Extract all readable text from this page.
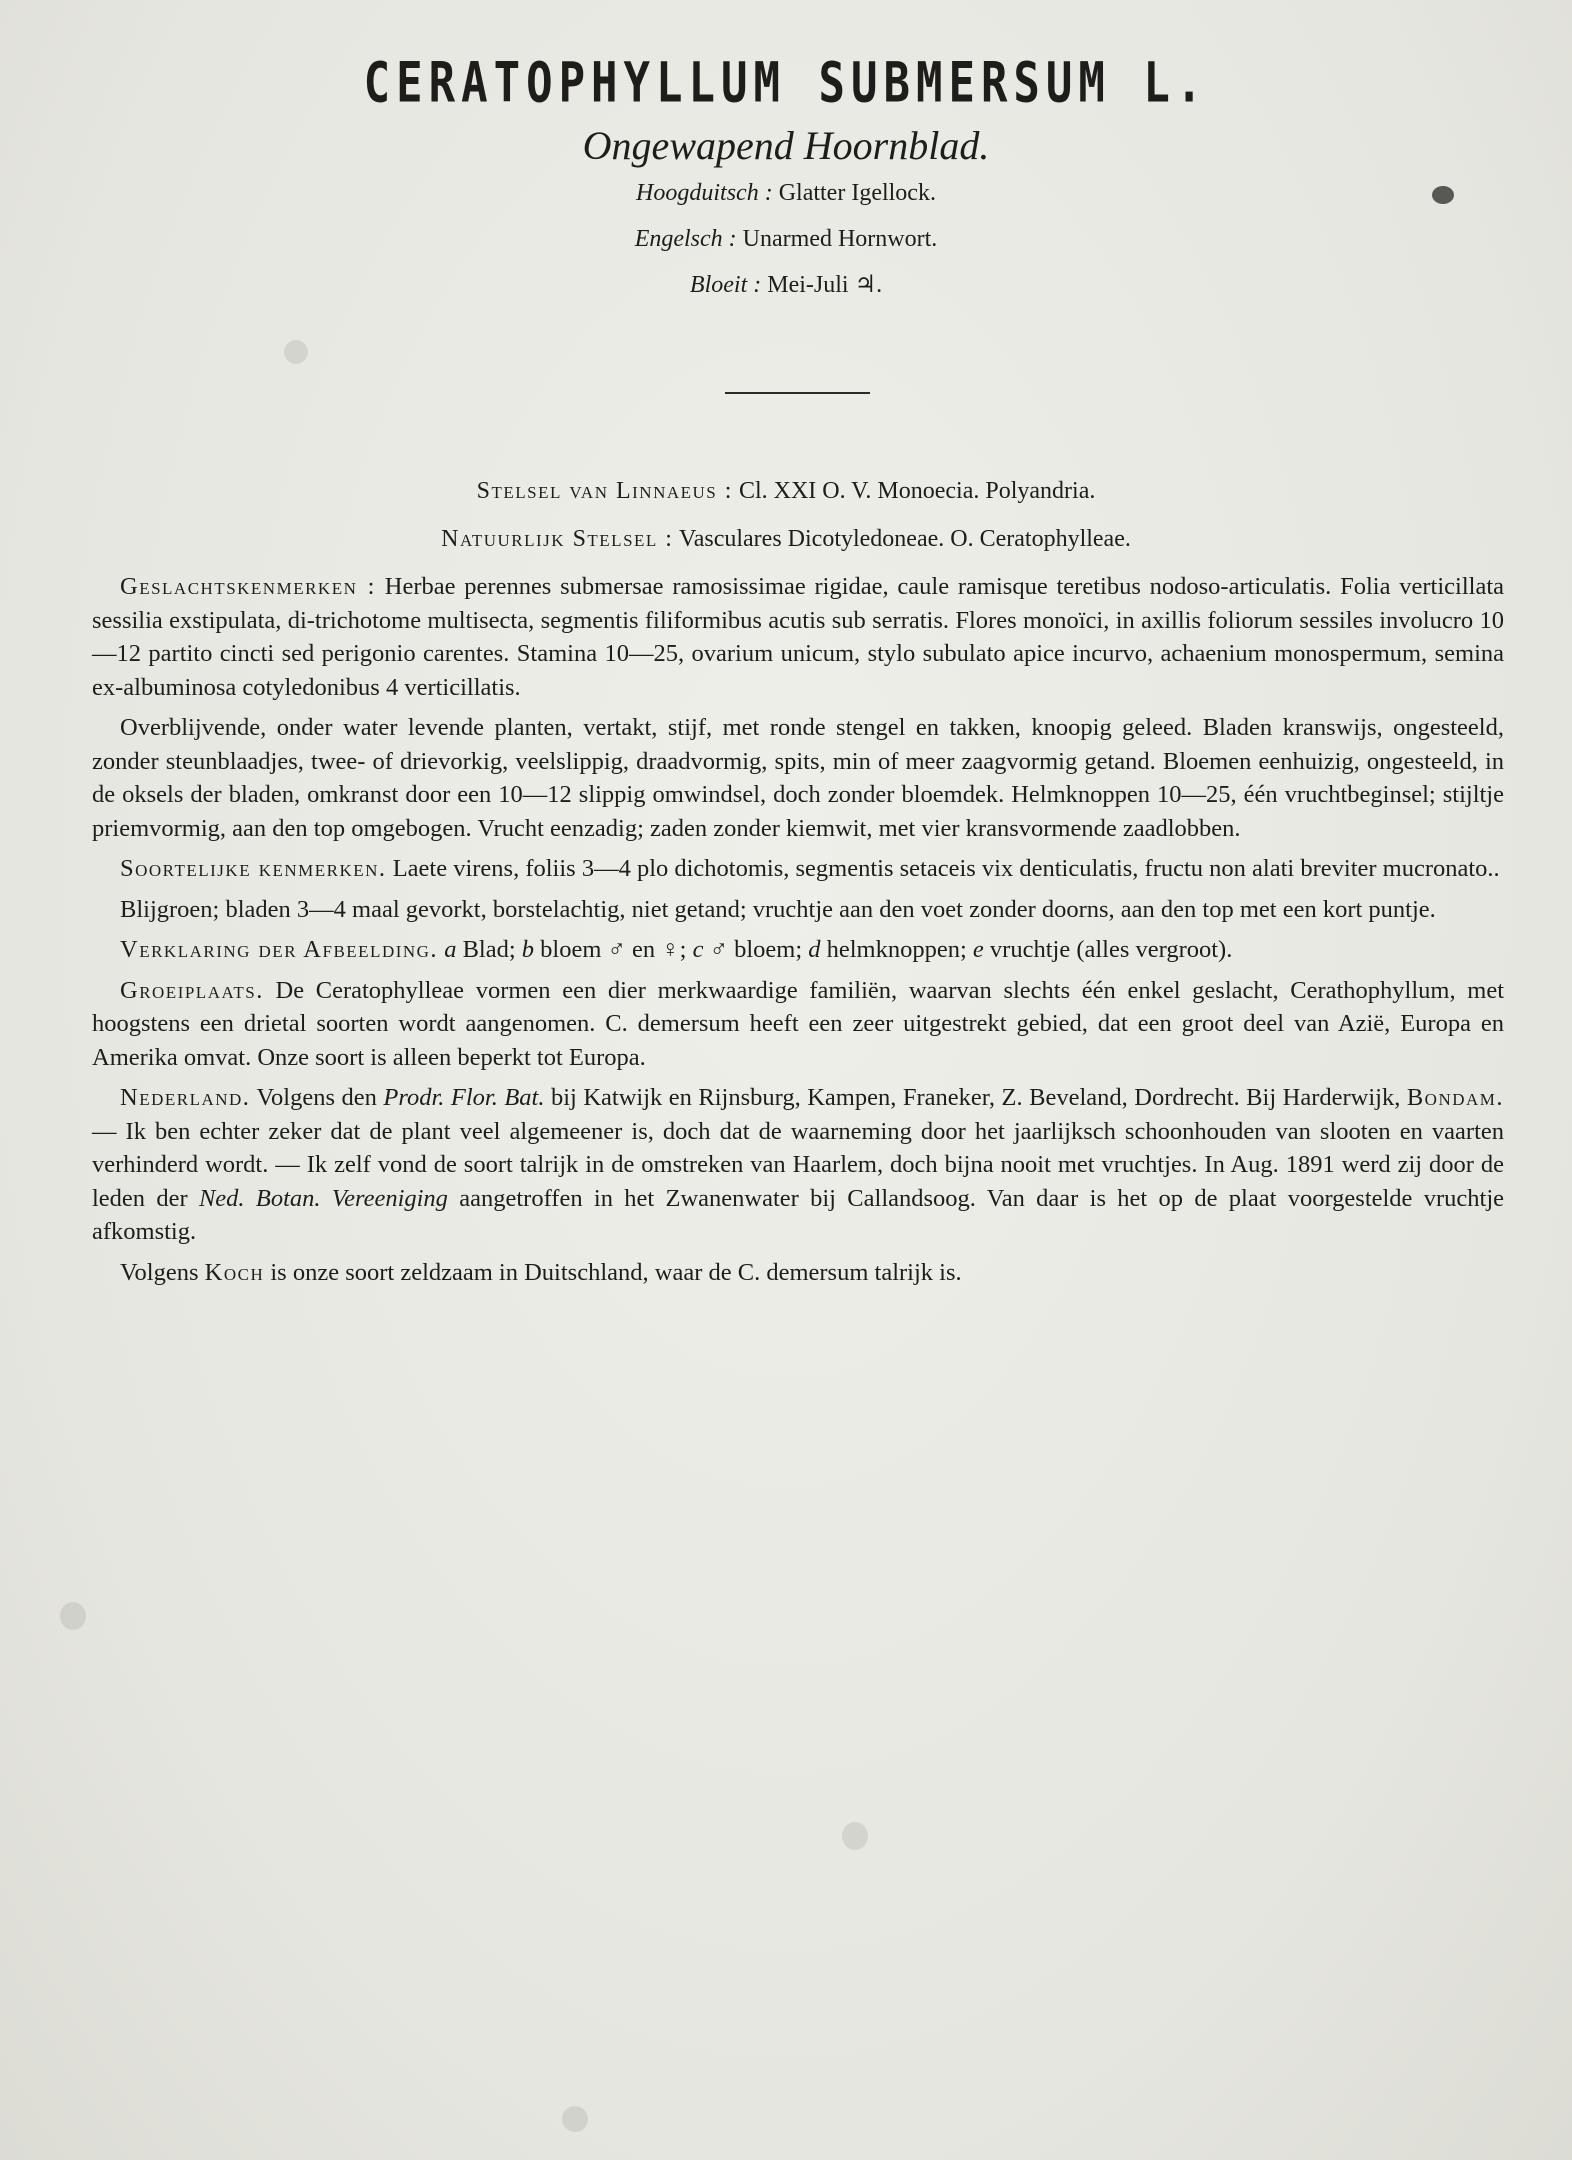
CERATOPHYLLUM SUBMERSUM L.
Ongewapend Hoornblad.
Hoogduitsch : Glatter Igellock.
Engelsch : Unarmed Hornwort.
Bloeit : Mei-Juli ♃.
Stelsel van Linnaeus : Cl. XXI O. V. Monoecia. Polyandria.
Natuurlijk Stelsel : Vasculares Dicotyledoneae. O. Ceratophylleae.

Geslachtskenmerken : Herbae perennes submersae ramosissimae rigidae, caule ramisque teretibus nodoso-articulatis. Folia verticillata sessilia exstipulata, di-trichotome multisecta, segmentis filiformibus acutis sub serratis. Flores monoïci, in axillis foliorum sessiles involucro 10—12 partito cincti sed perigonio carentes. Stamina 10—25, ovarium unicum, stylo subulato apice incurvo, achaenium monospermum, semina ex-albuminosa cotyledonibus 4 verticillatis.

Overblijvende, onder water levende planten, vertakt, stijf, met ronde stengel en takken, knoopig geleed. Bladen kranswijs, ongesteeld, zonder steunblaadjes, twee- of drievorkig, veelslippig, draadvormig, spits, min of meer zaagvormig getand. Bloemen eenhuizig, ongesteeld, in de oksels der bladen, omkranst door een 10—12 slippig omwindsel, doch zonder bloemdek. Helmknoppen 10—25, één vruchtbeginsel; stijltje priemvormig, aan den top omgebogen. Vrucht eenzadig; zaden zonder kiemwit, met vier kransvormende zaadlobben.

Soortelijke kenmerken. Laete virens, foliis 3—4 plo dichotomis, segmentis setaceis vix denticulatis, fructu non alati breviter mucronato..

Blijgroen; bladen 3—4 maal gevorkt, borstelachtig, niet getand; vruchtje aan den voet zonder doorns, aan den top met een kort puntje.

Verklaring der Afbeelding. a Blad; b bloem ♂ en ♀; c ♂ bloem; d helmknoppen; e vruchtje (alles vergroot).

Groeiplaats. De Ceratophylleae vormen een dier merkwaardige familiën, waarvan slechts één enkel geslacht, Cerathophyllum, met hoogstens een drietal soorten wordt aangenomen. C. demersum heeft een zeer uitgestrekt gebied, dat een groot deel van Azië, Europa en Amerika omvat. Onze soort is alleen beperkt tot Europa.

Nederland. Volgens den Prodr. Flor. Bat. bij Katwijk en Rijnsburg, Kampen, Franeker, Z. Beveland, Dordrecht. Bij Harderwijk, Bondam. — Ik ben echter zeker dat de plant veel algemeener is, doch dat de waarneming door het jaarlijksch schoonhouden van slooten en vaarten verhinderd wordt. — Ik zelf vond de soort talrijk in de omstreken van Haarlem, doch bijna nooit met vruchtjes. In Aug. 1891 werd zij door de leden der Ned. Botan. Vereeniging aangetroffen in het Zwanenwater bij Callandsoog. Van daar is het op de plaat voorgestelde vruchtje afkomstig.

Volgens Koch is onze soort zeldzaam in Duitschland, waar de C. demersum talrijk is.
